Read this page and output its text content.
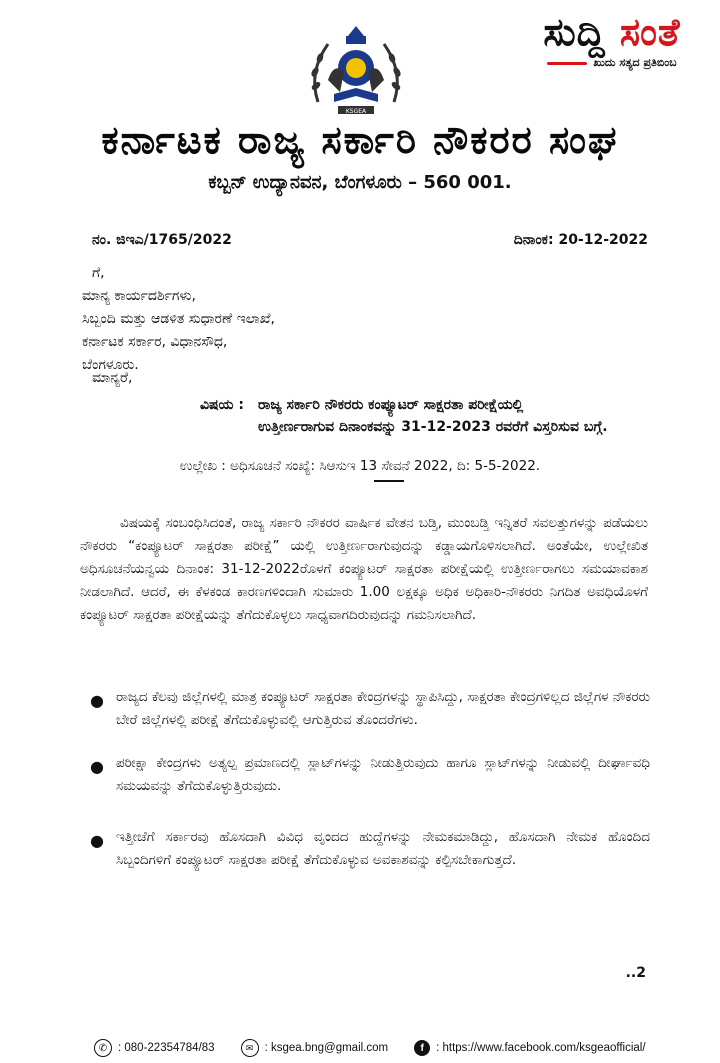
ಸುದ್ದಿ ಸಂತೆ
ಖುದು ಸತ್ಯದ ಪ್ರತಿಬಿಂಬ
KSGEA
ಕರ್ನಾಟಕ ರಾಜ್ಯ ಸರ್ಕಾರಿ ನೌಕರರ ಸಂಘ
ಕಬ್ಬನ್ ಉದ್ಯಾನವನ, ಬೆಂಗಳೂರು – 560 001.
ನಂ. ಜಿಇಎ/1765/2022	ದಿನಾಂಕ: 20-12-2022
ಗೆ,
ಮಾನ್ಯ ಕಾರ್ಯದರ್ಶಿಗಳು,
ಸಿಬ್ಬಂದಿ ಮತ್ತು ಆಡಳಿತ ಸುಧಾರಣೆ ಇಲಾಖೆ,
ಕರ್ನಾಟಕ ಸರ್ಕಾರ, ವಿಧಾನಸೌಧ,
ಬೆಂಗಳೂರು.
ಮಾನ್ಯರೆ,
ವಿಷಯ : ರಾಜ್ಯ ಸರ್ಕಾರಿ ನೌಕರರು ಕಂಪ್ಯೂಟರ್ ಸಾಕ್ಷರತಾ ಪರೀಕ್ಷೆಯಲ್ಲಿ
ಉತ್ತೀರ್ಣರಾಗುವ ದಿನಾಂಕವನ್ನು 31-12-2023 ರವರೆಗೆ ವಿಸ್ತರಿಸುವ ಬಗ್ಗೆ.
ಉಲ್ಲೇಖ : ಅಧಿಸೂಚನೆ ಸಂಖ್ಯೆ: ಸಿಆಸುಇ 13 ಸೇವನೆ 2022, ದಿ: 5-5-2022.

ವಿಷಯಕ್ಕೆ ಸಂಬಂಧಿಸಿದಂತೆ, ರಾಜ್ಯ ಸರ್ಕಾರಿ ನೌಕರರ ವಾರ್ಷಿಕ ವೇತನ ಬಡ್ತಿ, ಮುಂಬಡ್ತಿ ಇನ್ನಿತರೆ ಸವಲತ್ತುಗಳನ್ನು ಪಡೆಯಲು ನೌಕರರು “ಕಂಪ್ಯೂಟರ್ ಸಾಕ್ಷರತಾ ಪರೀಕ್ಷೆ” ಯಲ್ಲಿ ಉತ್ತೀರ್ಣರಾಗುವುದನ್ನು ಕಡ್ಡಾಯಗೊಳಿಸಲಾಗಿದೆ. ಅಂತೆಯೇ, ಉಲ್ಲೇಖಿತ ಅಧಿಸೂಚನೆಯನ್ವಯ ದಿನಾಂಕ: 31-12-2022ರೊಳಗೆ ಕಂಪ್ಯೂಟರ್ ಸಾಕ್ಷರತಾ ಪರೀಕ್ಷೆಯಲ್ಲಿ ಉತ್ತೀರ್ಣರಾಗಲು ಸಮಯಾವಕಾಶ ನೀಡಲಾಗಿದೆ. ಆದರೆ, ಈ ಕೆಳಕಂಡ ಕಾರಣಗಳಿಂದಾಗಿ ಸುಮಾರು 1.00 ಲಕ್ಷಕ್ಕೂ ಅಧಿಕ ಅಧಿಕಾರಿ-ನೌಕರರು ನಿಗದಿತ ಅವಧಿಯೊಳಗೆ ಕಂಪ್ಯೂಟರ್ ಸಾಕ್ಷರತಾ ಪರೀಕ್ಷೆಯನ್ನು ತೆಗೆದುಕೊಳ್ಳಲು ಸಾಧ್ಯವಾಗದಿರುವುದನ್ನು ಗಮನಿಸಲಾಗಿದೆ.

● ರಾಜ್ಯದ ಕೆಲವು ಜಿಲ್ಲೆಗಳಲ್ಲಿ ಮಾತ್ರ ಕಂಪ್ಯೂಟರ್ ಸಾಕ್ಷರತಾ ಕೇಂದ್ರಗಳನ್ನು ಸ್ಥಾಪಿಸಿದ್ದು, ಸಾಕ್ಷರತಾ ಕೇಂದ್ರಗಳಿಲ್ಲದ ಜಿಲ್ಲೆಗಳ ನೌಕರರು ಬೇರೆ ಜಿಲ್ಲೆಗಳಲ್ಲಿ ಪರೀಕ್ಷೆ ತೆಗೆದುಕೊಳ್ಳುವಲ್ಲಿ ಆಗುತ್ತಿರುವ ತೊಂದರೆಗಳು.
● ಪರೀಕ್ಷಾ ಕೇಂದ್ರಗಳು ಅತ್ಯಲ್ಪ ಪ್ರಮಾಣದಲ್ಲಿ ಸ್ಲಾಟ್‌ಗಳನ್ನು ನೀಡುತ್ತಿರುವುದು ಹಾಗೂ ಸ್ಲಾಟ್‌ಗಳನ್ನು ನೀಡುವಲ್ಲಿ ದೀರ್ಘಾವಧಿ ಸಮಯವನ್ನು ತೆಗೆದುಕೊಳ್ಳುತ್ತಿರುವುದು.
● ಇತ್ತೀಚೆಗೆ ಸರ್ಕಾರವು ಹೊಸದಾಗಿ ವಿವಿಧ ವೃಂದದ ಹುದ್ದೆಗಳನ್ನು ನೇಮಕಮಾಡಿದ್ದು, ಹೊಸದಾಗಿ ನೇಮಕ ಹೊಂದಿದ ಸಿಬ್ಬಂದಿಗಳಿಗೆ ಕಂಪ್ಯೂಟರ್ ಸಾಕ್ಷರತಾ ಪರೀಕ್ಷೆ ತೆಗೆದುಕೊಳ್ಳುವ ಅವಕಾಶವನ್ನು ಕಲ್ಪಿಸಬೇಕಾಗುತ್ತದೆ.
..2
✆ : 080-22354784/83	✉ : ksgea.bng@gmail.com	f	: https://www.facebook.com/ksgeaofficial/
